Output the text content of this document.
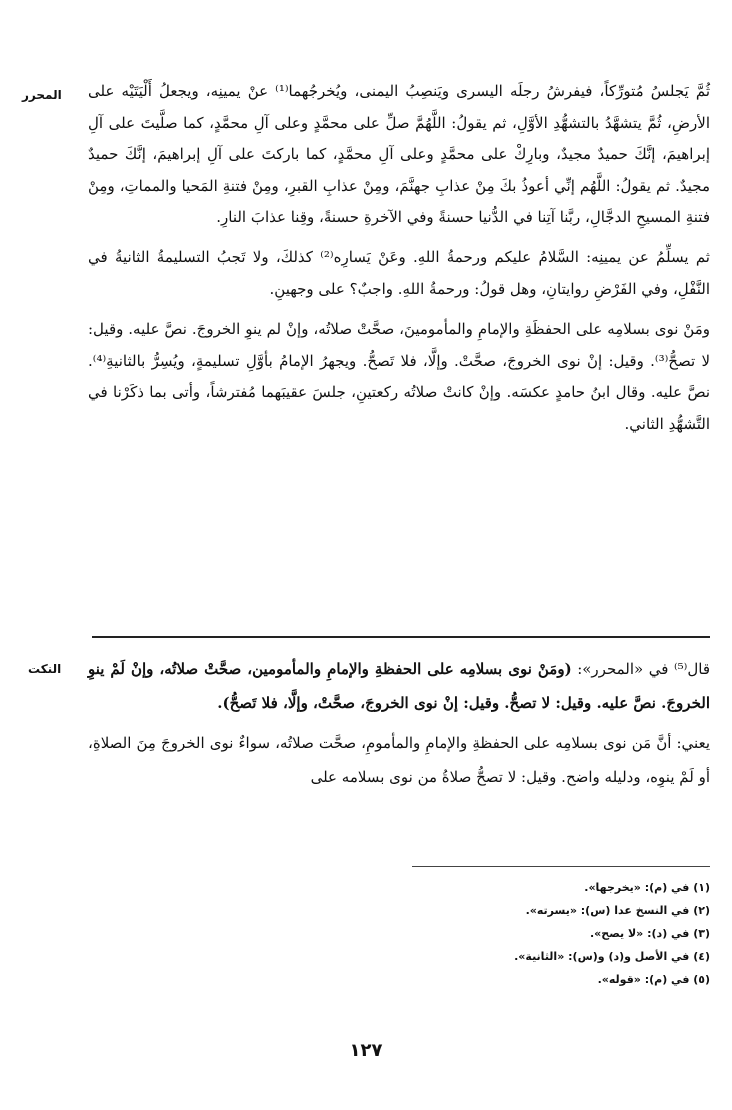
المحرر ثُمَّ يَجلسُ مُتورِّكاً، فيفرشُ رجلَه اليسرى ويَنصِبُ اليمنى، ويُخرجُهما⁽¹⁾ عنْ يمينِه، ويجعلُ أَلْيَتَيْه على الأرضِ، ثُمَّ يتشهَّدُ بالتشهُّدِ الأوَّلِ، ثم يقولُ: اللَّهُمَّ صلِّ على محمَّدٍ وعلى آلِ محمَّدٍ، كما صلَّيتَ على آلِ إبراهيمَ، إنَّكَ حميدٌ مجيدٌ، وبارِكْ على محمَّدٍ وعلى آلِ محمَّدٍ، كما باركتَ على آلِ إبراهيمَ، إنَّكَ حميدٌ مجيدٌ. ثم يقولُ: اللَّهُم إنِّي أعوذُ بكَ مِنْ عذابِ جهنَّمَ، ومِنْ عذابِ القبرِ، ومِنْ فتنةِ المَحيا والمماتِ، ومِنْ فتنةِ المسيحِ الدجَّالِ، ربَّنا آتِنا في الدُّنيا حسنةً وفي الآخرةِ حسنةً، وقِنا عذابَ النارِ.

ثم يسلِّمُ عن يمينِه: السَّلامُ عليكم ورحمةُ اللهِ. وعَنْ يَسارِه⁽²⁾ كذلكَ، ولا تَجبُ التسليمةُ الثانيةُ في النَّفْلِ، وفي الفَرْضِ روايتانِ، وهل قولُ: ورحمةُ اللهِ. واجبٌ؟ على وجهينِ.

ومَنْ نوى بسلامِه على الحفظَةِ والإمامِ والمأمومينَ، صحَّتْ صلاتُه، وإنْ لم ينوِ الخروجَ. نصَّ عليه. وقيل: لا تصحُّ⁽³⁾. وقيل: إنْ نوى الخروجَ، صحَّتْ. وإلَّا، فلا تَصحُّ. ويجهرُ الإمامُ بأوَّلِ تسليمةٍ، ويُسِرُّ بالثانيةِ⁽⁴⁾. نصَّ عليه. وقال ابنُ حامدٍ عكسَه. وإنْ كانتْ صلاتُه ركعتينِ، جلسَ عقيبَهما مُفترشاً، وأتى بما ذكَرْنا في التَّشهُّدِ الثاني.

النكت	قال⁽⁵⁾ في «المحرر»: (ومَنْ نوى بسلامِه على الحفظةِ والإمامِ والمأمومين، صحَّتْ صلاتُه، وإنْ لَمْ ينوِ الخروجَ. نصَّ عليه. وقيل: لا تصحُّ. وقيل: إنْ نوى الخروجَ، صحَّتْ، وإلَّا، فلا تَصحُّ).

يعني: أنَّ مَن نوى بسلامِه على الحفظةِ والإمامِ والمأمومِ، صحَّت صلاتُه، سواءٌ نوى الخروجَ مِنَ الصلاةِ، أو لَمْ ينوِه، ودليله واضح. وقيل: لا تصحُّ صلاةُ من نوى بسلامه على

(١) في (م): «يخرجها».
(٢) في النسخ عدا (س): «يسرته».
(٣) في (د): «لا يصح».
(٤) في الأصل و(د) و(س): «الثانية».
(٥) في (م): «قوله».
١٢٧
